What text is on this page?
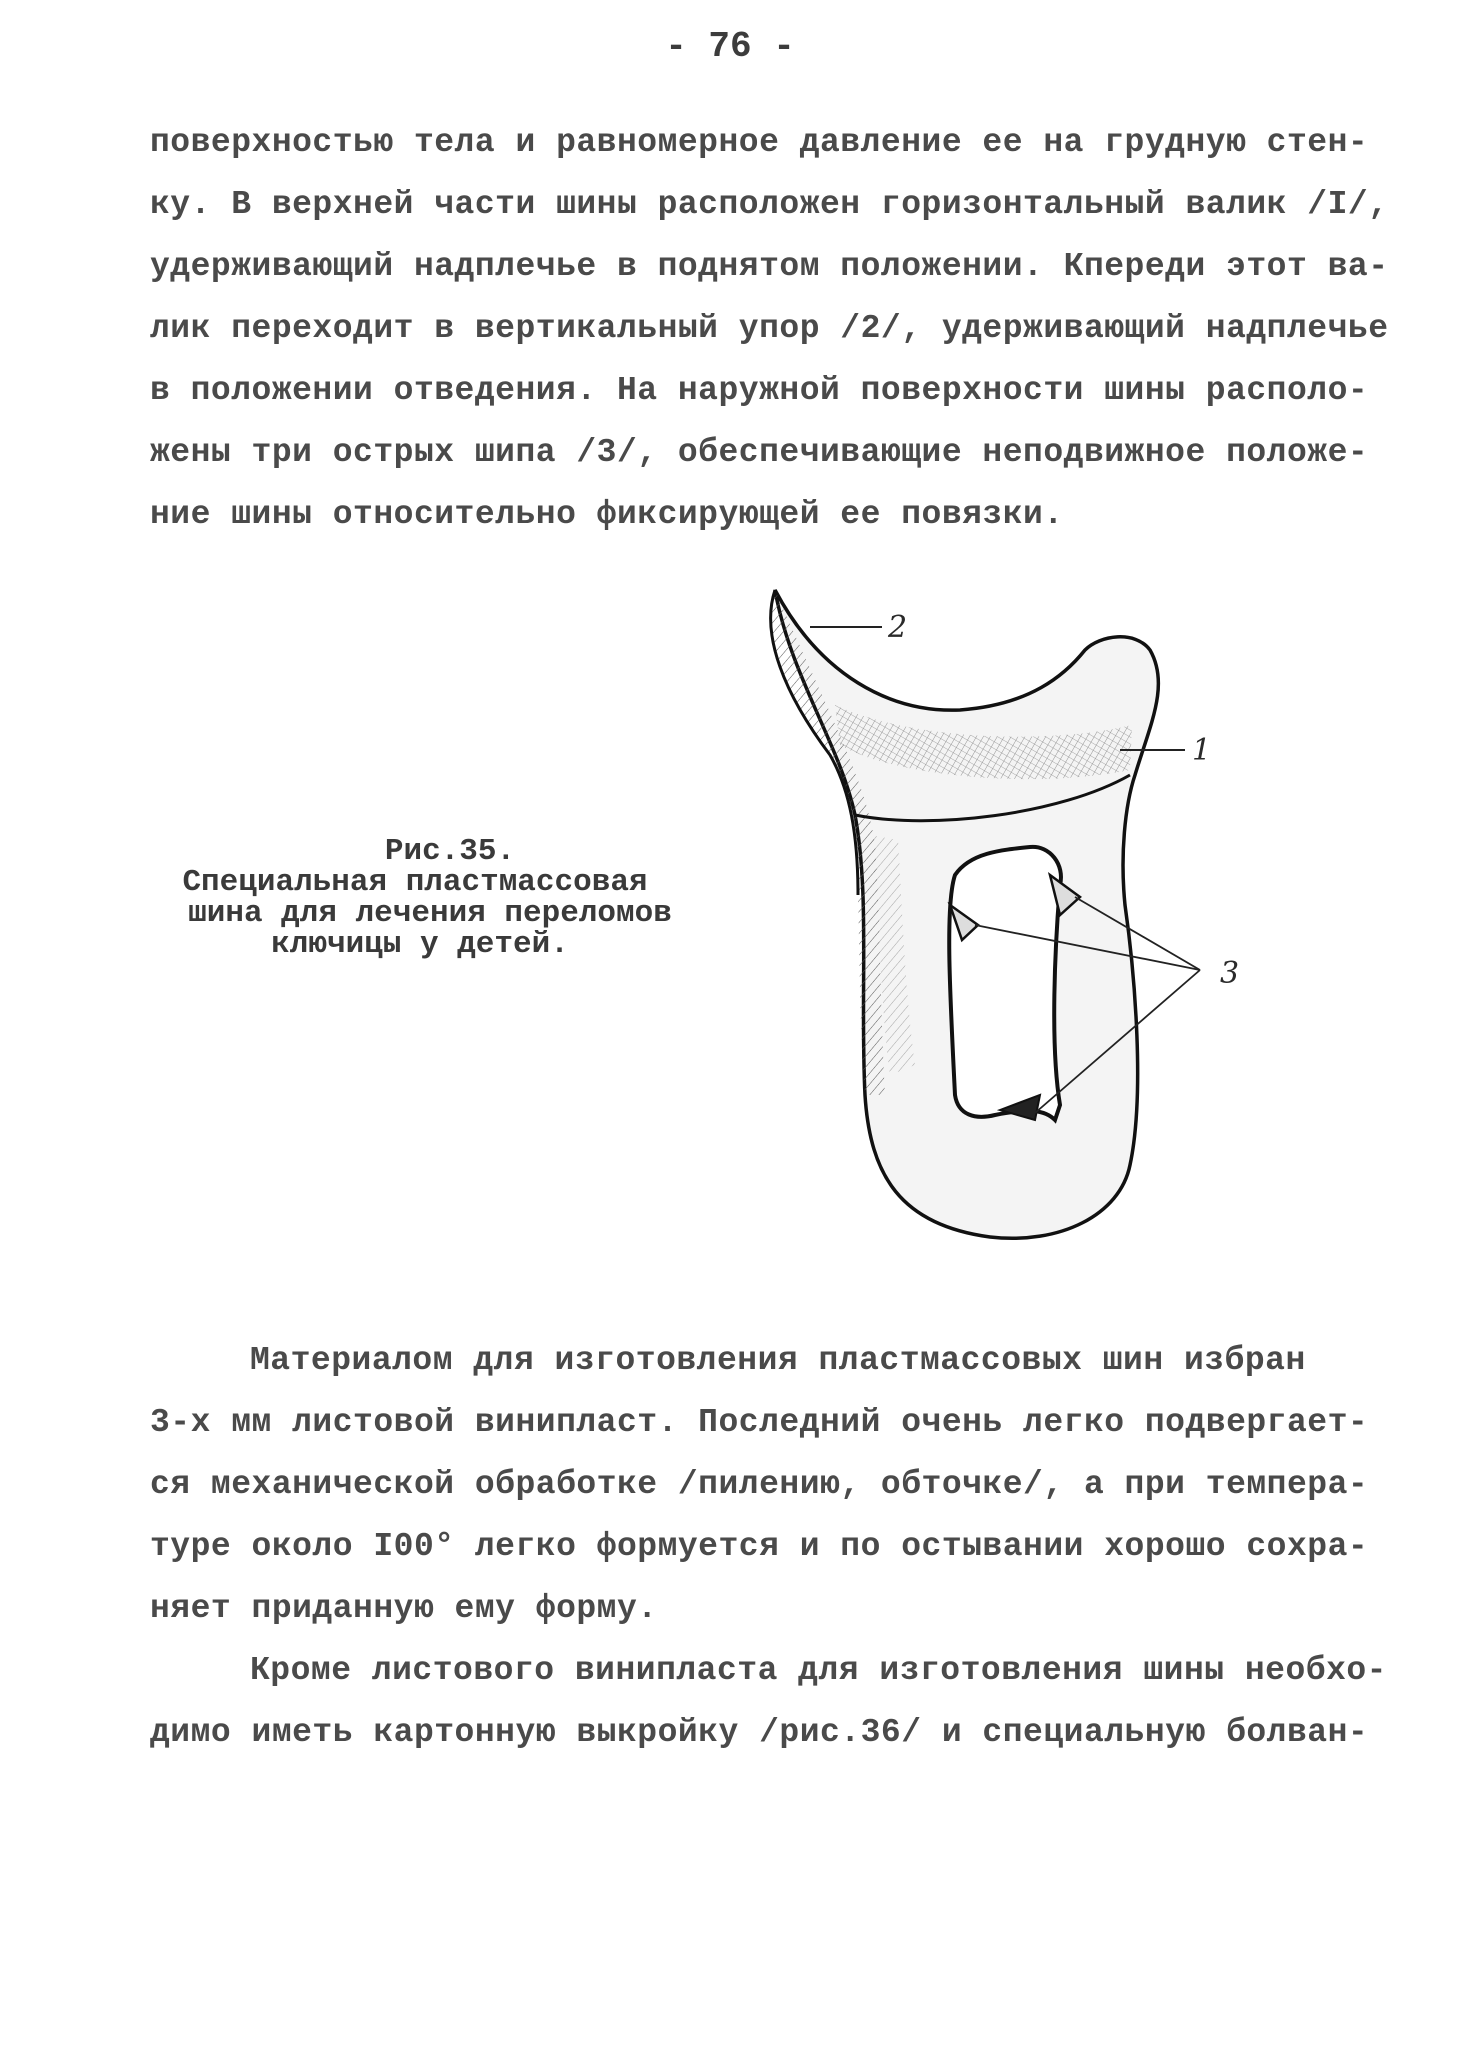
- 76 -
поверхностью тела и равномерное давление ее на грудную стен-
ку. В верхней части шины расположен горизонтальный валик /I/,
удерживающий надплечье в поднятом положении. Кпереди этот ва-
лик переходит в вертикальный упор /2/, удерживающий надплечье
в положении отведения. На наружной поверхности шины располо-
жены три острых шипа /3/, обеспечивающие неподвижное положе-
ние шины относительно фиксирующей ее повязки.
Рис.35.
Специальная пластмассовая
шина для лечения переломов
ключицы у детей.
2
1
3
Материалом для изготовления пластмассовых шин избран
3-х мм листовой винипласт. Последний очень легко подвергает-
ся механической обработке /пилению, обточке/, а при темпера-
туре около I00° легко формуется и по остывании хорошо сохра-
няет приданную ему форму.
Кроме листового винипласта для изготовления шины необхо-
димо иметь картонную выкройку /рис.36/ и специальную болван-
